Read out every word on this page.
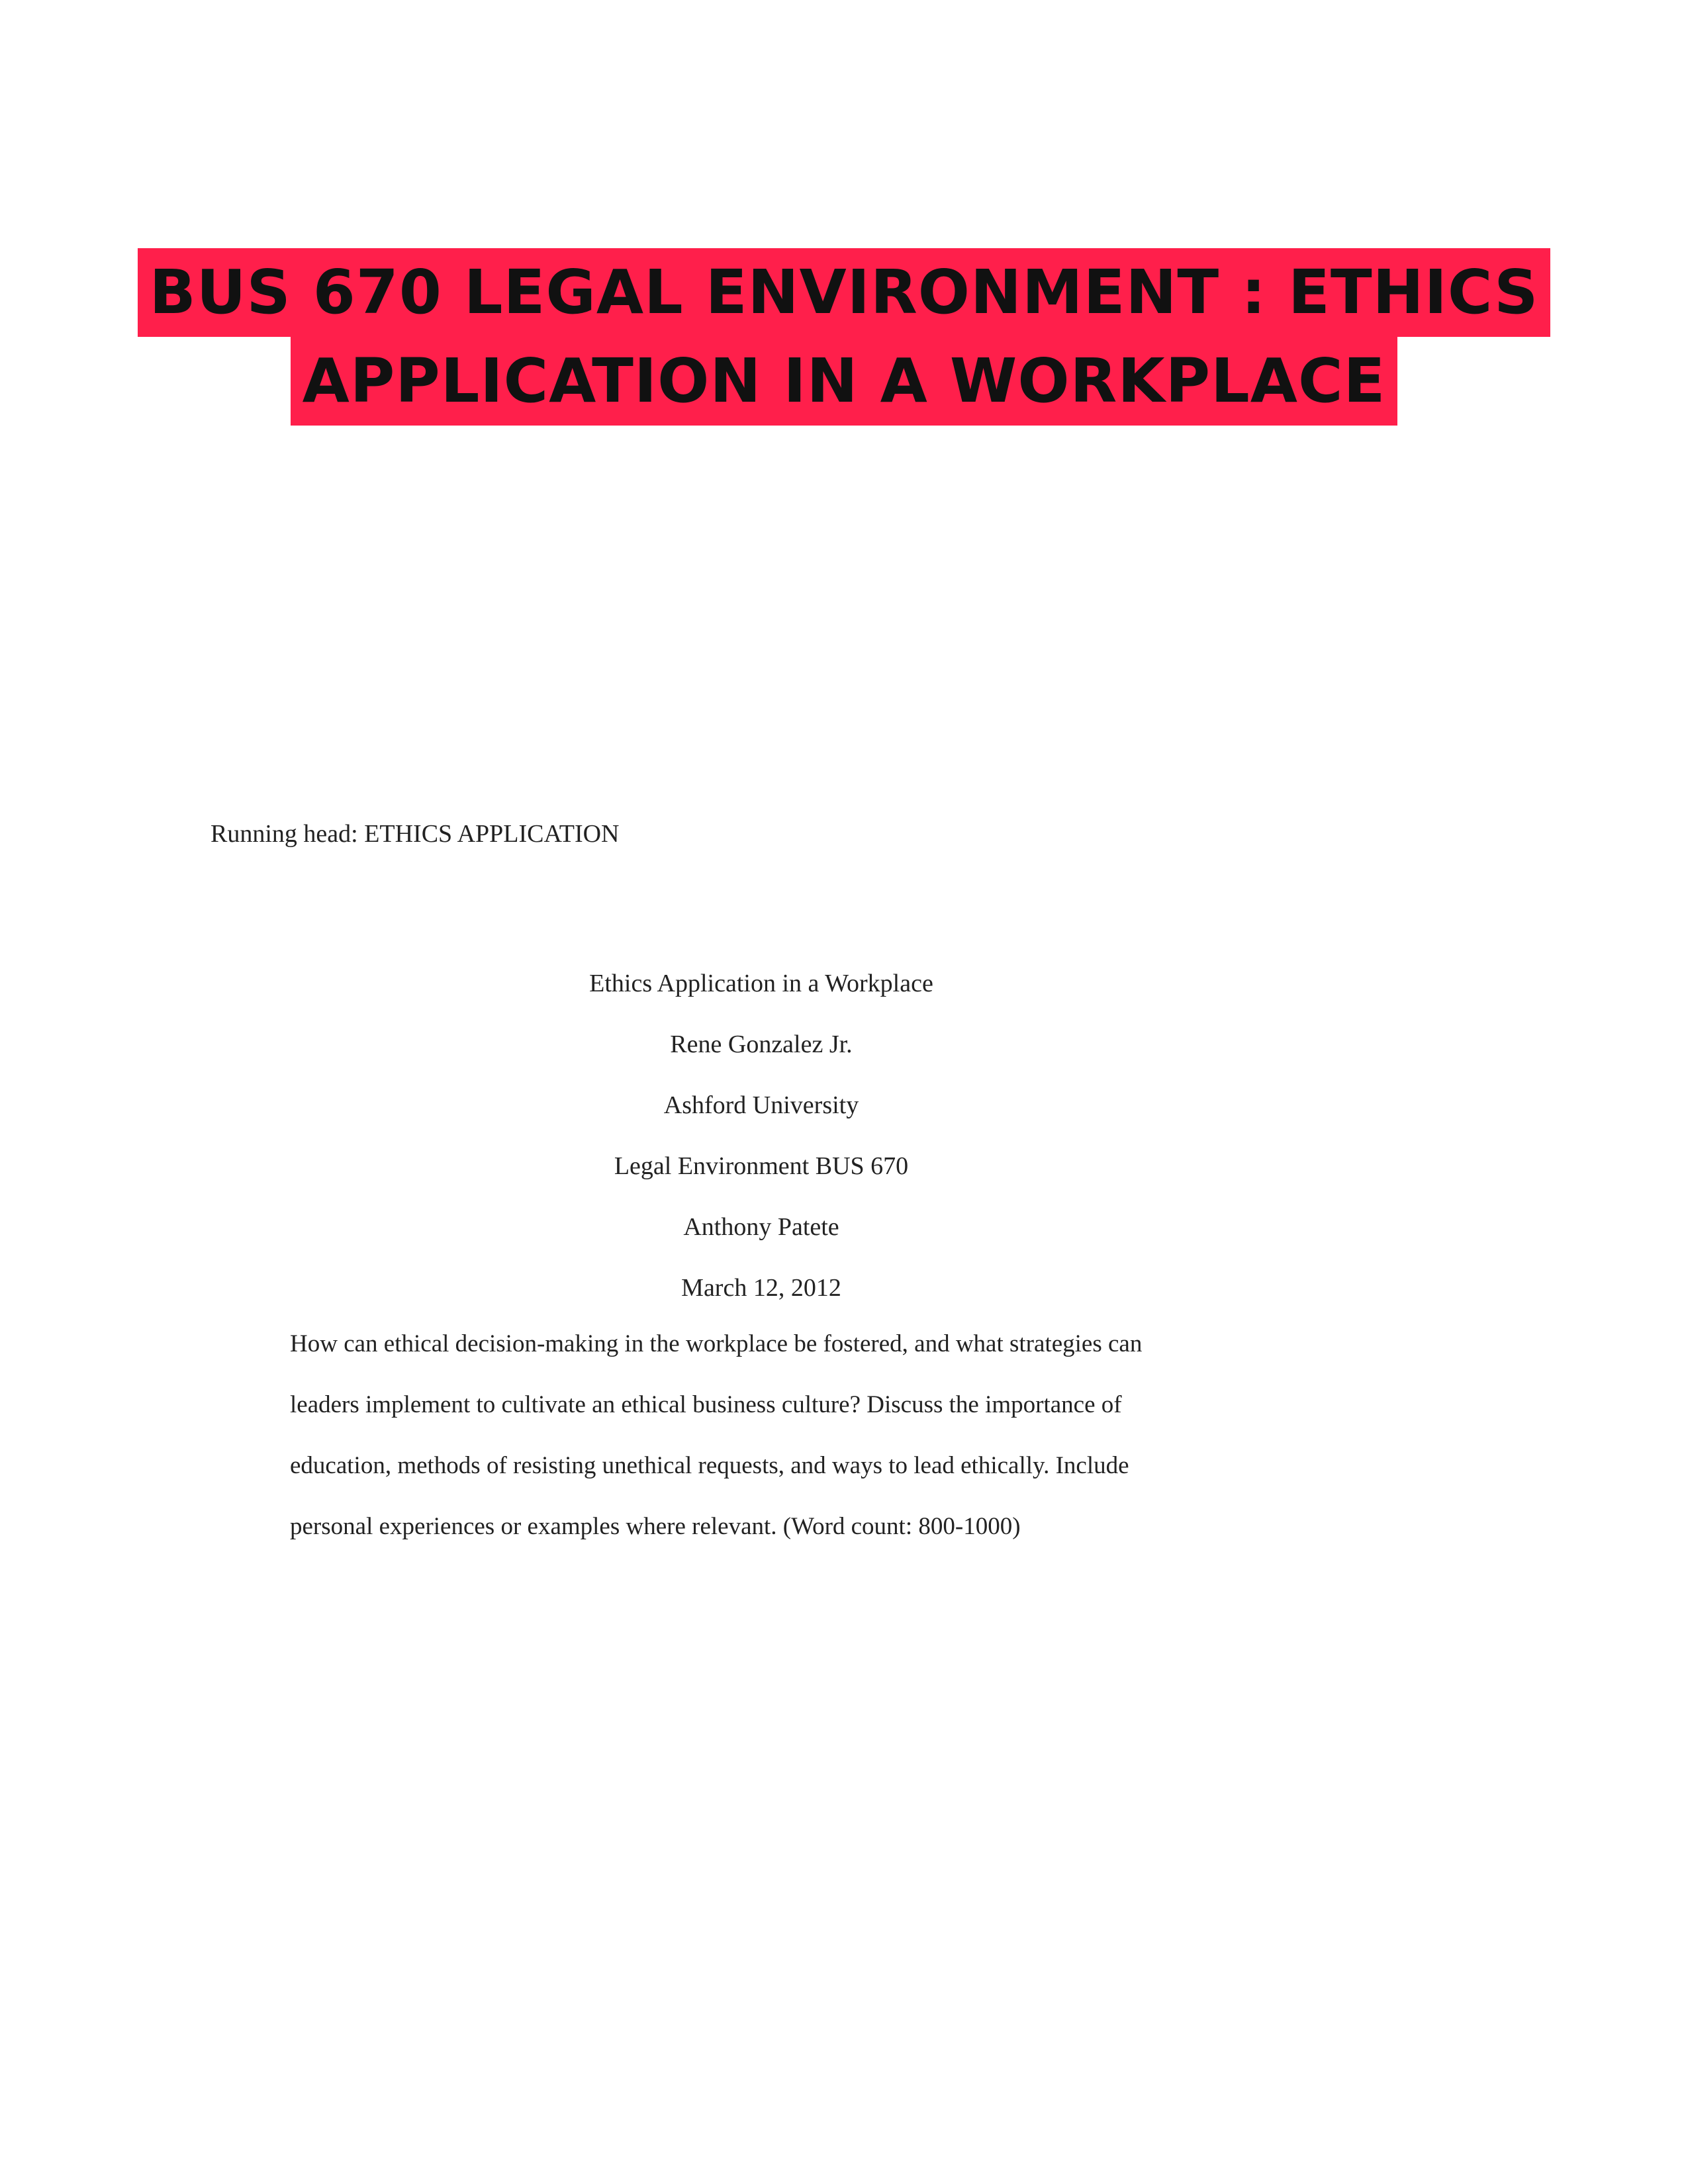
BUS 670 LEGAL ENVIRONMENT : ETHICS
APPLICATION IN A WORKPLACE
Running head: ETHICS APPLICATION
Ethics Application in a Workplace
Rene Gonzalez Jr.
Ashford University
Legal Environment BUS 670
Anthony Patete
March 12, 2012
How can ethical decision-making in the workplace be fostered, and what strategies can
leaders implement to cultivate an ethical business culture? Discuss the importance of
education, methods of resisting unethical requests, and ways to lead ethically. Include
personal experiences or examples where relevant. (Word count: 800-1000)
